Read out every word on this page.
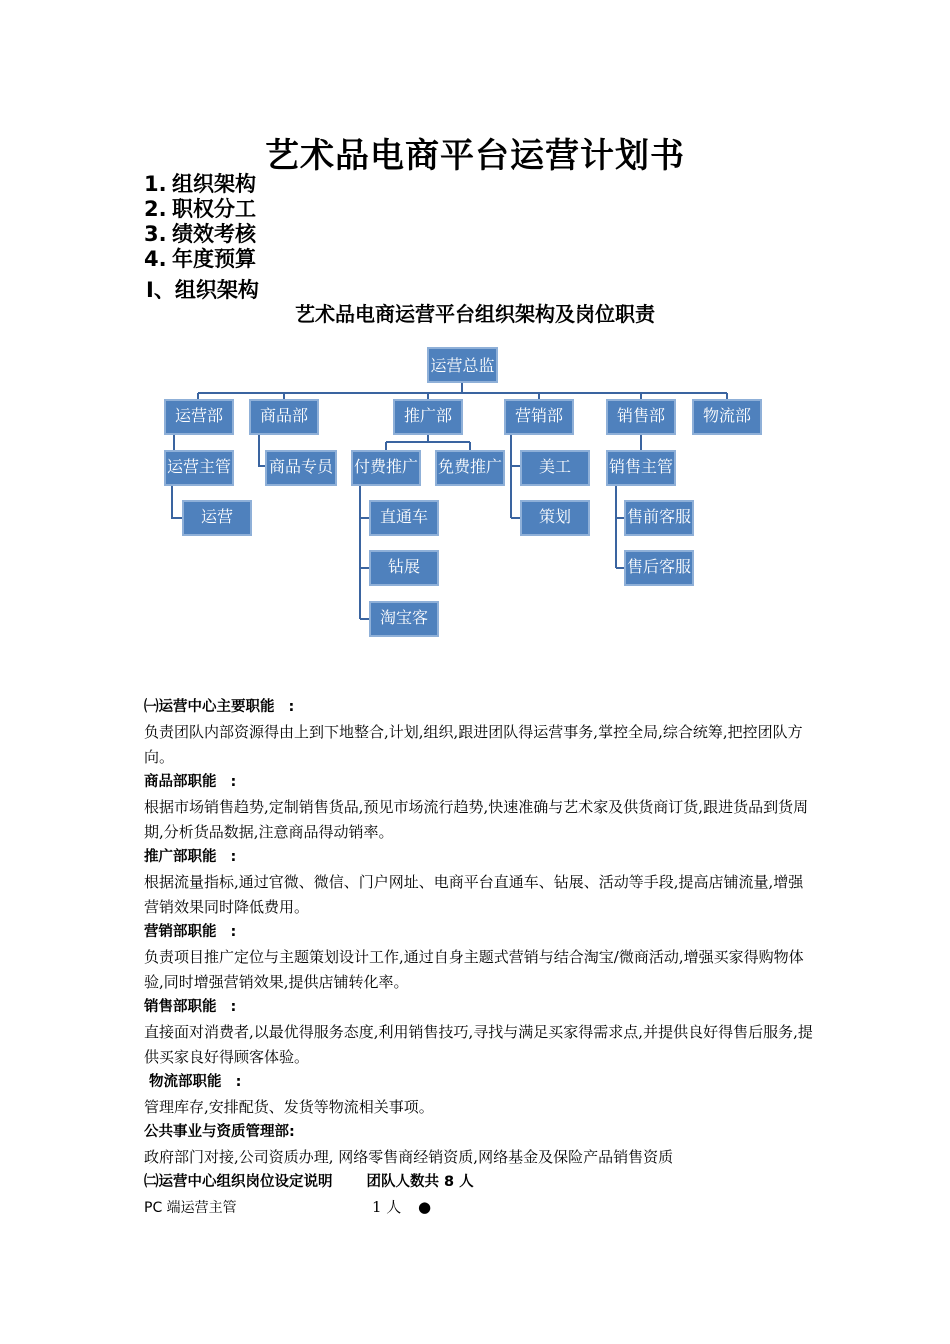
艺术品电商平台运营计划书
1. 组织架构
2. 职权分工
3. 绩效考核
4. 年度预算
Ⅰ、组织架构
艺术品电商运营平台组织架构及岗位职责
运营总监
运营部 商品部	推广部	营销部	销售部 物流部
运营主管
运营
商品专员 付费推广 免费推广
直通车
钻展
淘宝客
美工
策划
销售主管
售前客服
售后客服
㈠运营中心主要职能 :
负责团队内部资源得由上到下地整合,计划,组织,跟进团队得运营事务,掌控全局,综合统筹,把控团队方向。
商品部职能 :
根据市场销售趋势,定制销售货品,预见市场流行趋势,快速准确与艺术家及供货商订货,跟进货品到货周期,分析货品数据,注意商品得动销率。
推广部职能 :
根据流量指标,通过官微、微信、门户网址、电商平台直通车、钻展、活动等手段,提高店铺流量,增强营销效果同时降低费用。
营销部职能 :
负责项目推广定位与主题策划设计工作,通过自身主题式营销与结合淘宝/微商活动,增强买家得购物体验,同时增强营销效果,提供店铺转化率。
销售部职能 :
直接面对消费者,以最优得服务态度,利用销售技巧,寻找与满足买家得需求点,并提供良好得售后服务,提供买家良好得顾客体验。
物流部职能 :
管理库存,安排配货、发货等物流相关事项。
公共事业与资质管理部:
政府部门对接,公司资质办理, 网络零售商经销资质,网络基金及保险产品销售资质
㈡运营中心组织岗位设定说明 团队人数共 8 人
PC 端运营主管	1 人 ●
